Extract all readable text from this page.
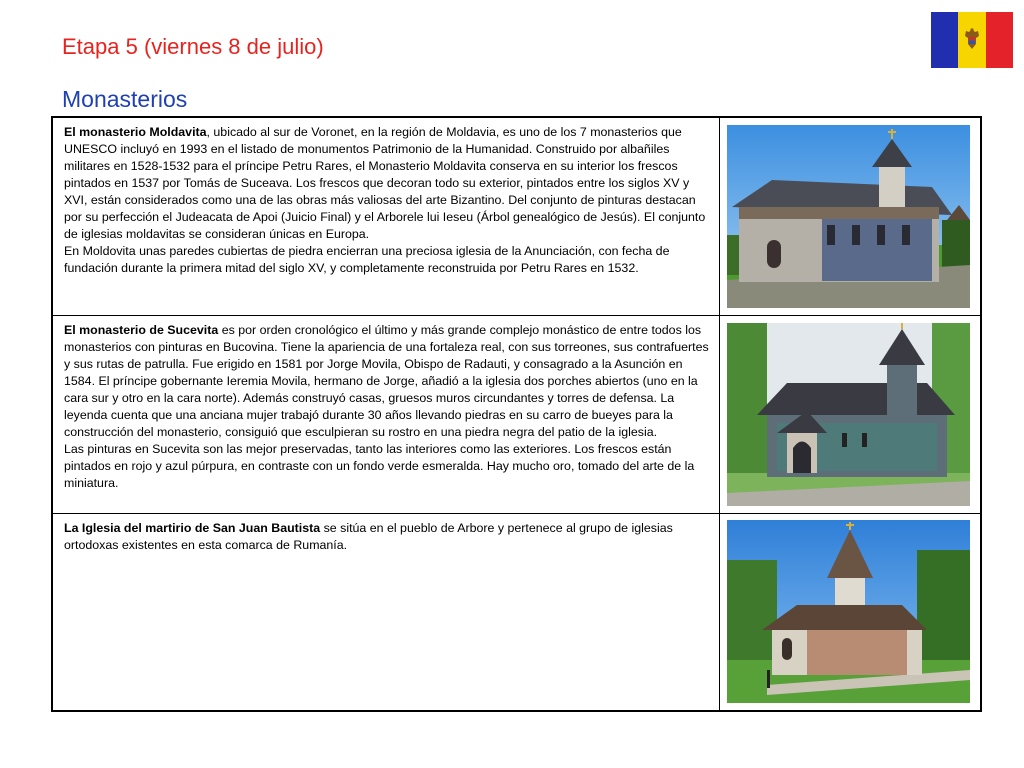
Etapa 5 (viernes 8 de julio)
Monasterios

El monasterio Moldavita, ubicado al sur de Voronet, en la región de Moldavia, es uno de los 7 monasterios que UNESCO incluyó en 1993 en el listado de monumentos Patrimonio de la Humanidad. Construido por albañiles militares en 1528-1532 para el príncipe Petru Rares, el Monasterio Moldavita conserva en su interior los frescos pintados en 1537 por Tomás de Suceava. Los frescos que decoran todo su exterior, pintados entre los siglos XV y XVI, están considerados como una de las obras más valiosas del arte Bizantino. Del conjunto de pinturas destacan por su perfección el Judeacata de Apoi (Juicio Final) y el Arborele lui Ieseu (Árbol genealógico de Jesús). El conjunto de iglesias moldavitas se consideran únicas en Europa.

En Moldovita unas paredes cubiertas de piedra encierran una preciosa iglesia de la Anunciación, con fecha de fundación durante la primera mitad del siglo XV, y completamente reconstruida por Petru Rares en 1532.

El monasterio de Sucevita es por orden cronológico el último y más grande complejo monástico de entre todos los monasterios con pinturas en Bucovina. Tiene la apariencia de una fortaleza real, con sus torreones, sus contrafuertes y sus rutas de patrulla. Fue erigido en 1581 por Jorge Movila, Obispo de Radauti, y consagrado a la Asunción en 1584. El príncipe gobernante Ieremia Movila, hermano de Jorge, añadió a la iglesia dos porches abiertos (uno en la cara sur y otro en la cara norte). Además construyó casas, gruesos muros circundantes y torres de defensa. La leyenda cuenta que una anciana mujer trabajó durante 30 años llevando piedras en su carro de bueyes para la construcción del monasterio, consiguió que esculpieran su rostro en una piedra negra del patio de la iglesia.

Las pinturas en Sucevita son las mejor preservadas, tanto las interiores como las exteriores. Los frescos están pintados en rojo y azul púrpura, en contraste con un fondo verde esmeralda. Hay mucho oro, tomado del arte de la miniatura.

La Iglesia del martirio de San Juan Bautista se sitúa en el pueblo de Arbore y pertenece al grupo de iglesias ortodoxas existentes en esta comarca de Rumanía.
